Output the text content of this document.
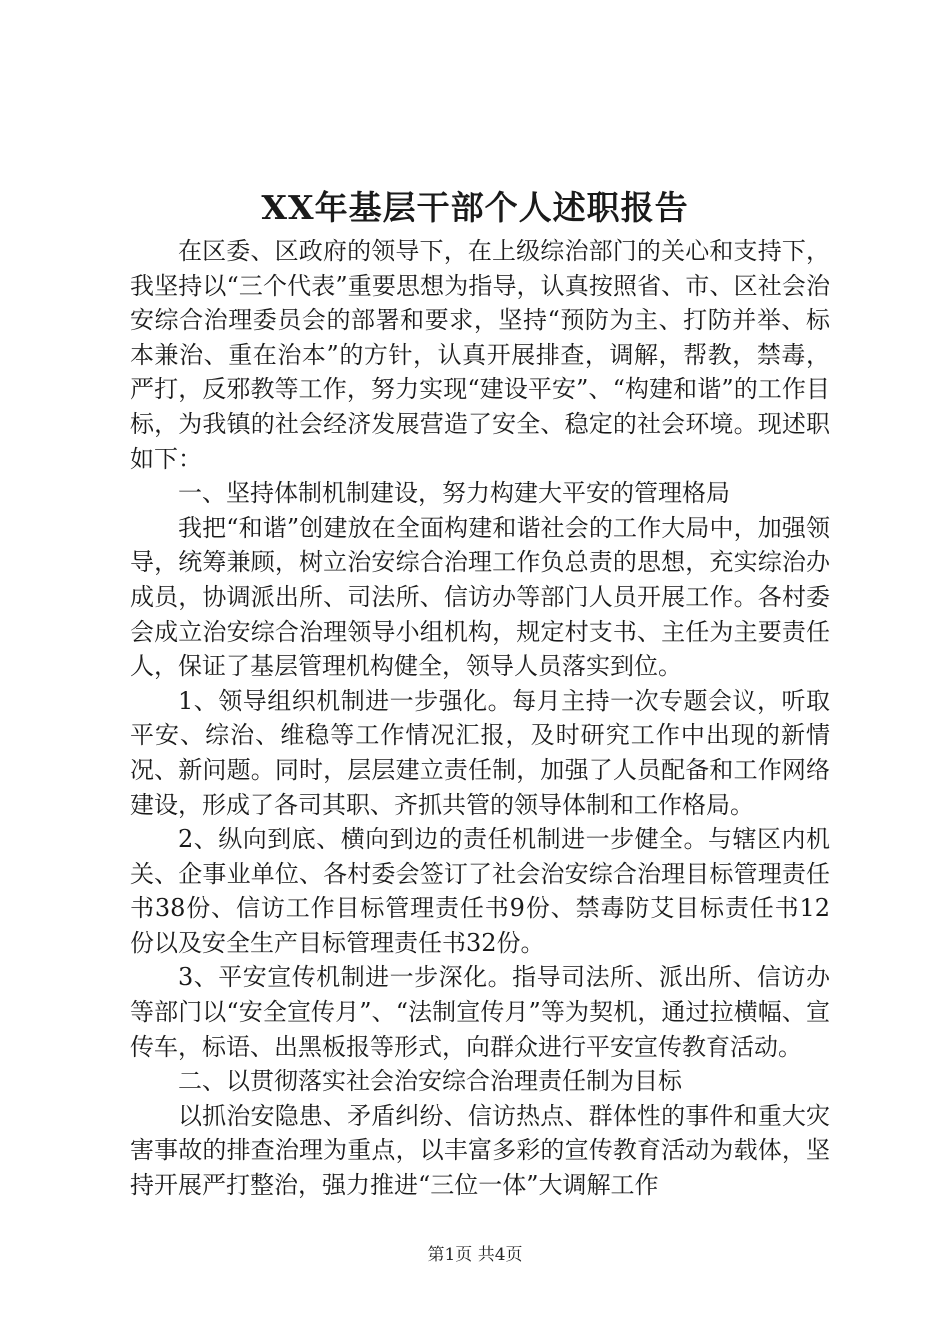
XX年基层干部个人述职报告

在区委、区政府的领导下，在上级综治部门的关心和支持下，我坚持以“三个代表”重要思想为指导，认真按照省、市、区社会治安综合治理委员会的部署和要求，坚持“预防为主、打防并举、标本兼治、重在治本”的方针，认真开展排查，调解，帮教，禁毒，严打，反邪教等工作，努力实现“建设平安”、“构建和谐”的工作目标，为我镇的社会经济发展营造了安全、稳定的社会环境。现述职如下：

一、坚持体制机制建设，努力构建大平安的管理格局

我把“和谐”创建放在全面构建和谐社会的工作大局中，加强领导，统筹兼顾，树立治安综合治理工作负总责的思想，充实综治办成员，协调派出所、司法所、信访办等部门人员开展工作。各村委会成立治安综合治理领导小组机构，规定村支书、主任为主要责任人，保证了基层管理机构健全，领导人员落实到位。

1、领导组织机制进一步强化。每月主持一次专题会议，听取平安、综治、维稳等工作情况汇报，及时研究工作中出现的新情况、新问题。同时，层层建立责任制，加强了人员配备和工作网络建设，形成了各司其职、齐抓共管的领导体制和工作格局。

2、纵向到底、横向到边的责任机制进一步健全。与辖区内机关、企事业单位、各村委会签订了社会治安综合治理目标管理责任书38份、信访工作目标管理责任书9份、禁毒防艾目标责任书12份以及安全生产目标管理责任书32份。

3、平安宣传机制进一步深化。指导司法所、派出所、信访办等部门以“安全宣传月”、“法制宣传月”等为契机，通过拉横幅、宣传车，标语、出黑板报等形式，向群众进行平安宣传教育活动。

二、以贯彻落实社会治安综合治理责任制为目标

以抓治安隐患、矛盾纠纷、信访热点、群体性的事件和重大灾害事故的排查治理为重点，以丰富多彩的宣传教育活动为载体，坚持开展严打整治，强力推进“三位一体”大调解工作

第1页 共4页
